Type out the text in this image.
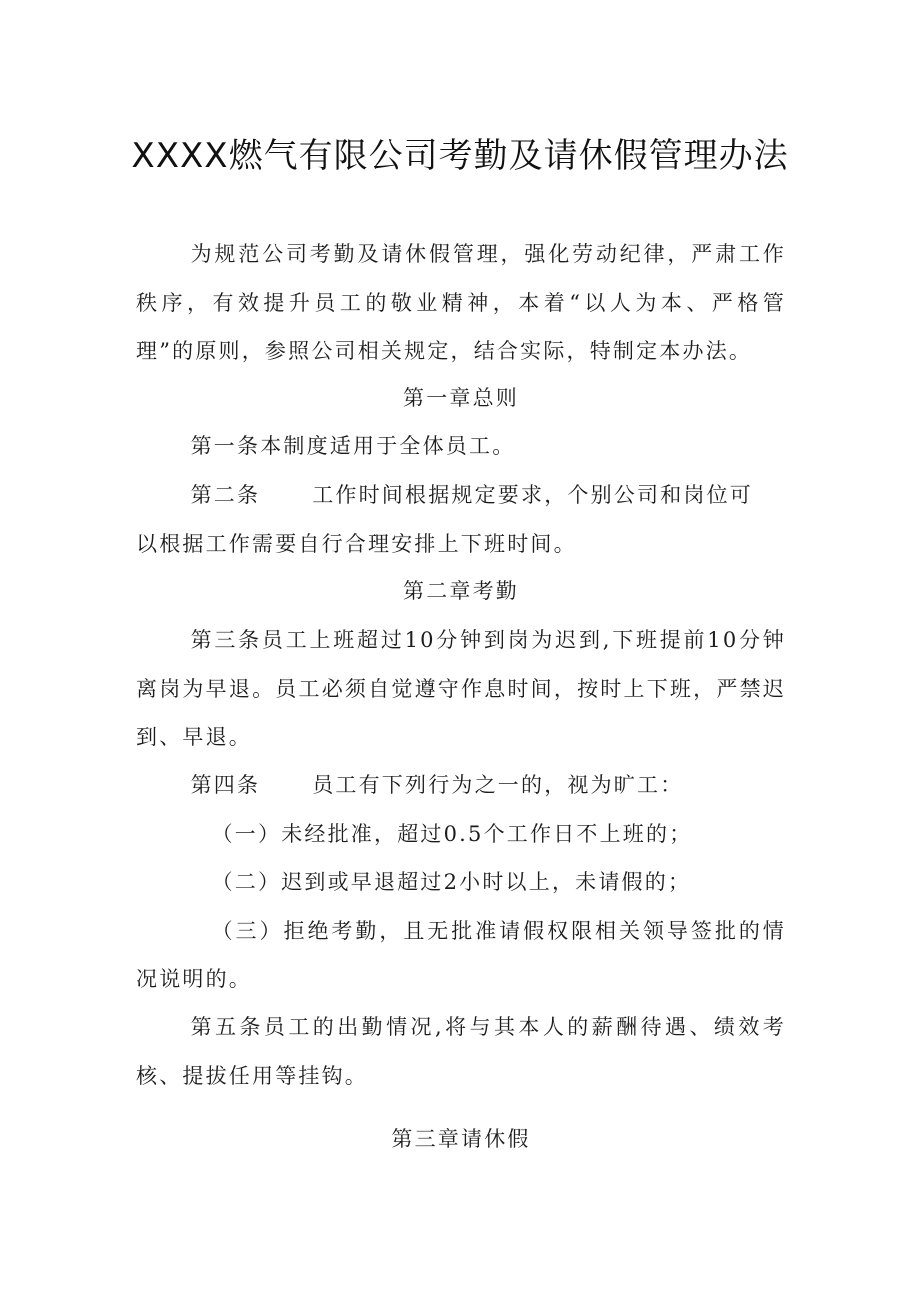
XXXX燃气有限公司考勤及请休假管理办法

为规范公司考勤及请休假管理，强化劳动纪律，严肃工作秩序，有效提升员工的敬业精神，本着“以人为本、严格管理”的原则，参照公司相关规定，结合实际，特制定本办法。

第一章总则

第一条本制度适用于全体员工。

第二条 工作时间根据规定要求，个别公司和岗位可

以根据工作需要自行合理安排上下班时间。

第二章考勤

第三条员工上班超过10分钟到岗为迟到,下班提前10分钟离岗为早退。员工必须自觉遵守作息时间，按时上下班，严禁迟到、早退。

第四条 员工有下列行为之一的，视为旷工：

（一）未经批准，超过0.5个工作日不上班的；

（二）迟到或早退超过2小时以上，未请假的；

（三）拒绝考勤，且无批准请假权限相关领导签批的情况说明的。

第五条员工的出勤情况,将与其本人的薪酬待遇、绩效考核、提拔任用等挂钩。

第三章请休假
